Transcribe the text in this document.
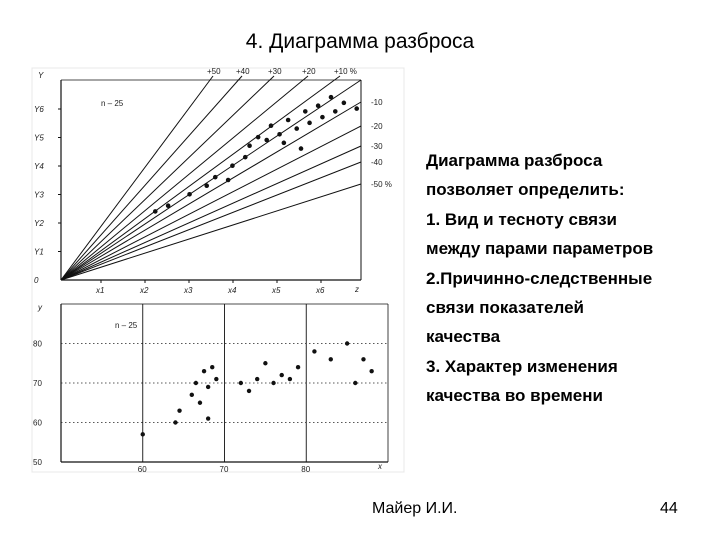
4. Диаграмма разброса
+50 +40 +30	+20 +10 %
-10
-20
-30
-40
-50 %
0
Y1
Y2
Y3
Y4
Y5
Y6
x1	x2	x3	x4	x5	x6
Y
z
n – 25
60	70	80
50
60
70
80
y
x
n – 25
Диаграмма разброса
позволяет определить:
1. Вид и тесноту связи
между парами параметров
2.Причинно-следственные
связи показателей
качества
3. Характер изменения
качества во времени
Майер И.И.	44
